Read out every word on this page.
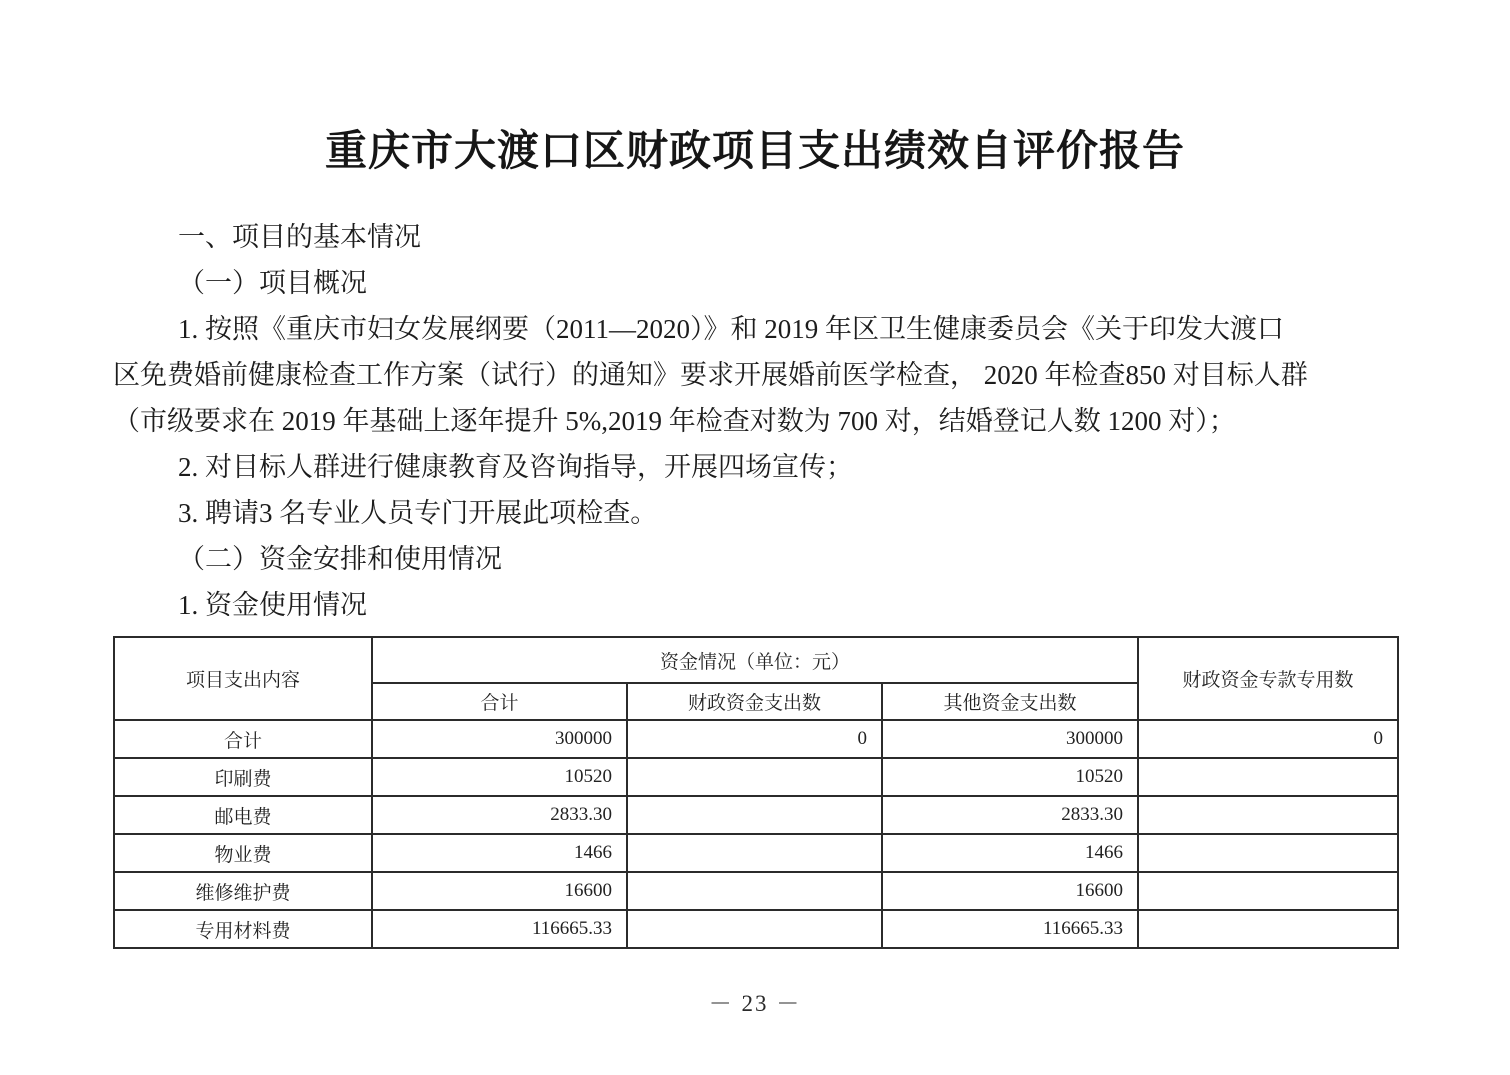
重庆市大渡口区财政项目支出绩效自评价报告
一、项目的基本情况
（一）项目概况
1. 按照《重庆市妇女发展纲要（2011—2020）》和 2019 年区卫生健康委员会《关于印发大渡口
区免费婚前健康检查工作方案（试行）的通知》要求开展婚前医学检查， 2020 年检查850 对目标人群
（市级要求在 2019 年基础上逐年提升 5%,2019 年检查对数为 700 对，结婚登记人数 1200 对）；
2. 对目标人群进行健康教育及咨询指导，开展四场宣传；
3. 聘请3 名专业人员专门开展此项检查。
（二）资金安排和使用情况
1. 资金使用情况
项目支出内容	资金情况（单位：元）			财政资金专款专用数
	合计	财政资金支出数	其他资金支出数	
合计	300000	0	300000	0
印刷费	10520		10520	
邮电费	2833.30		2833.30	
物业费	1466		1466	
维修维护费	16600		16600	
专用材料费	116665.33		116665.33	
－ 23 －
